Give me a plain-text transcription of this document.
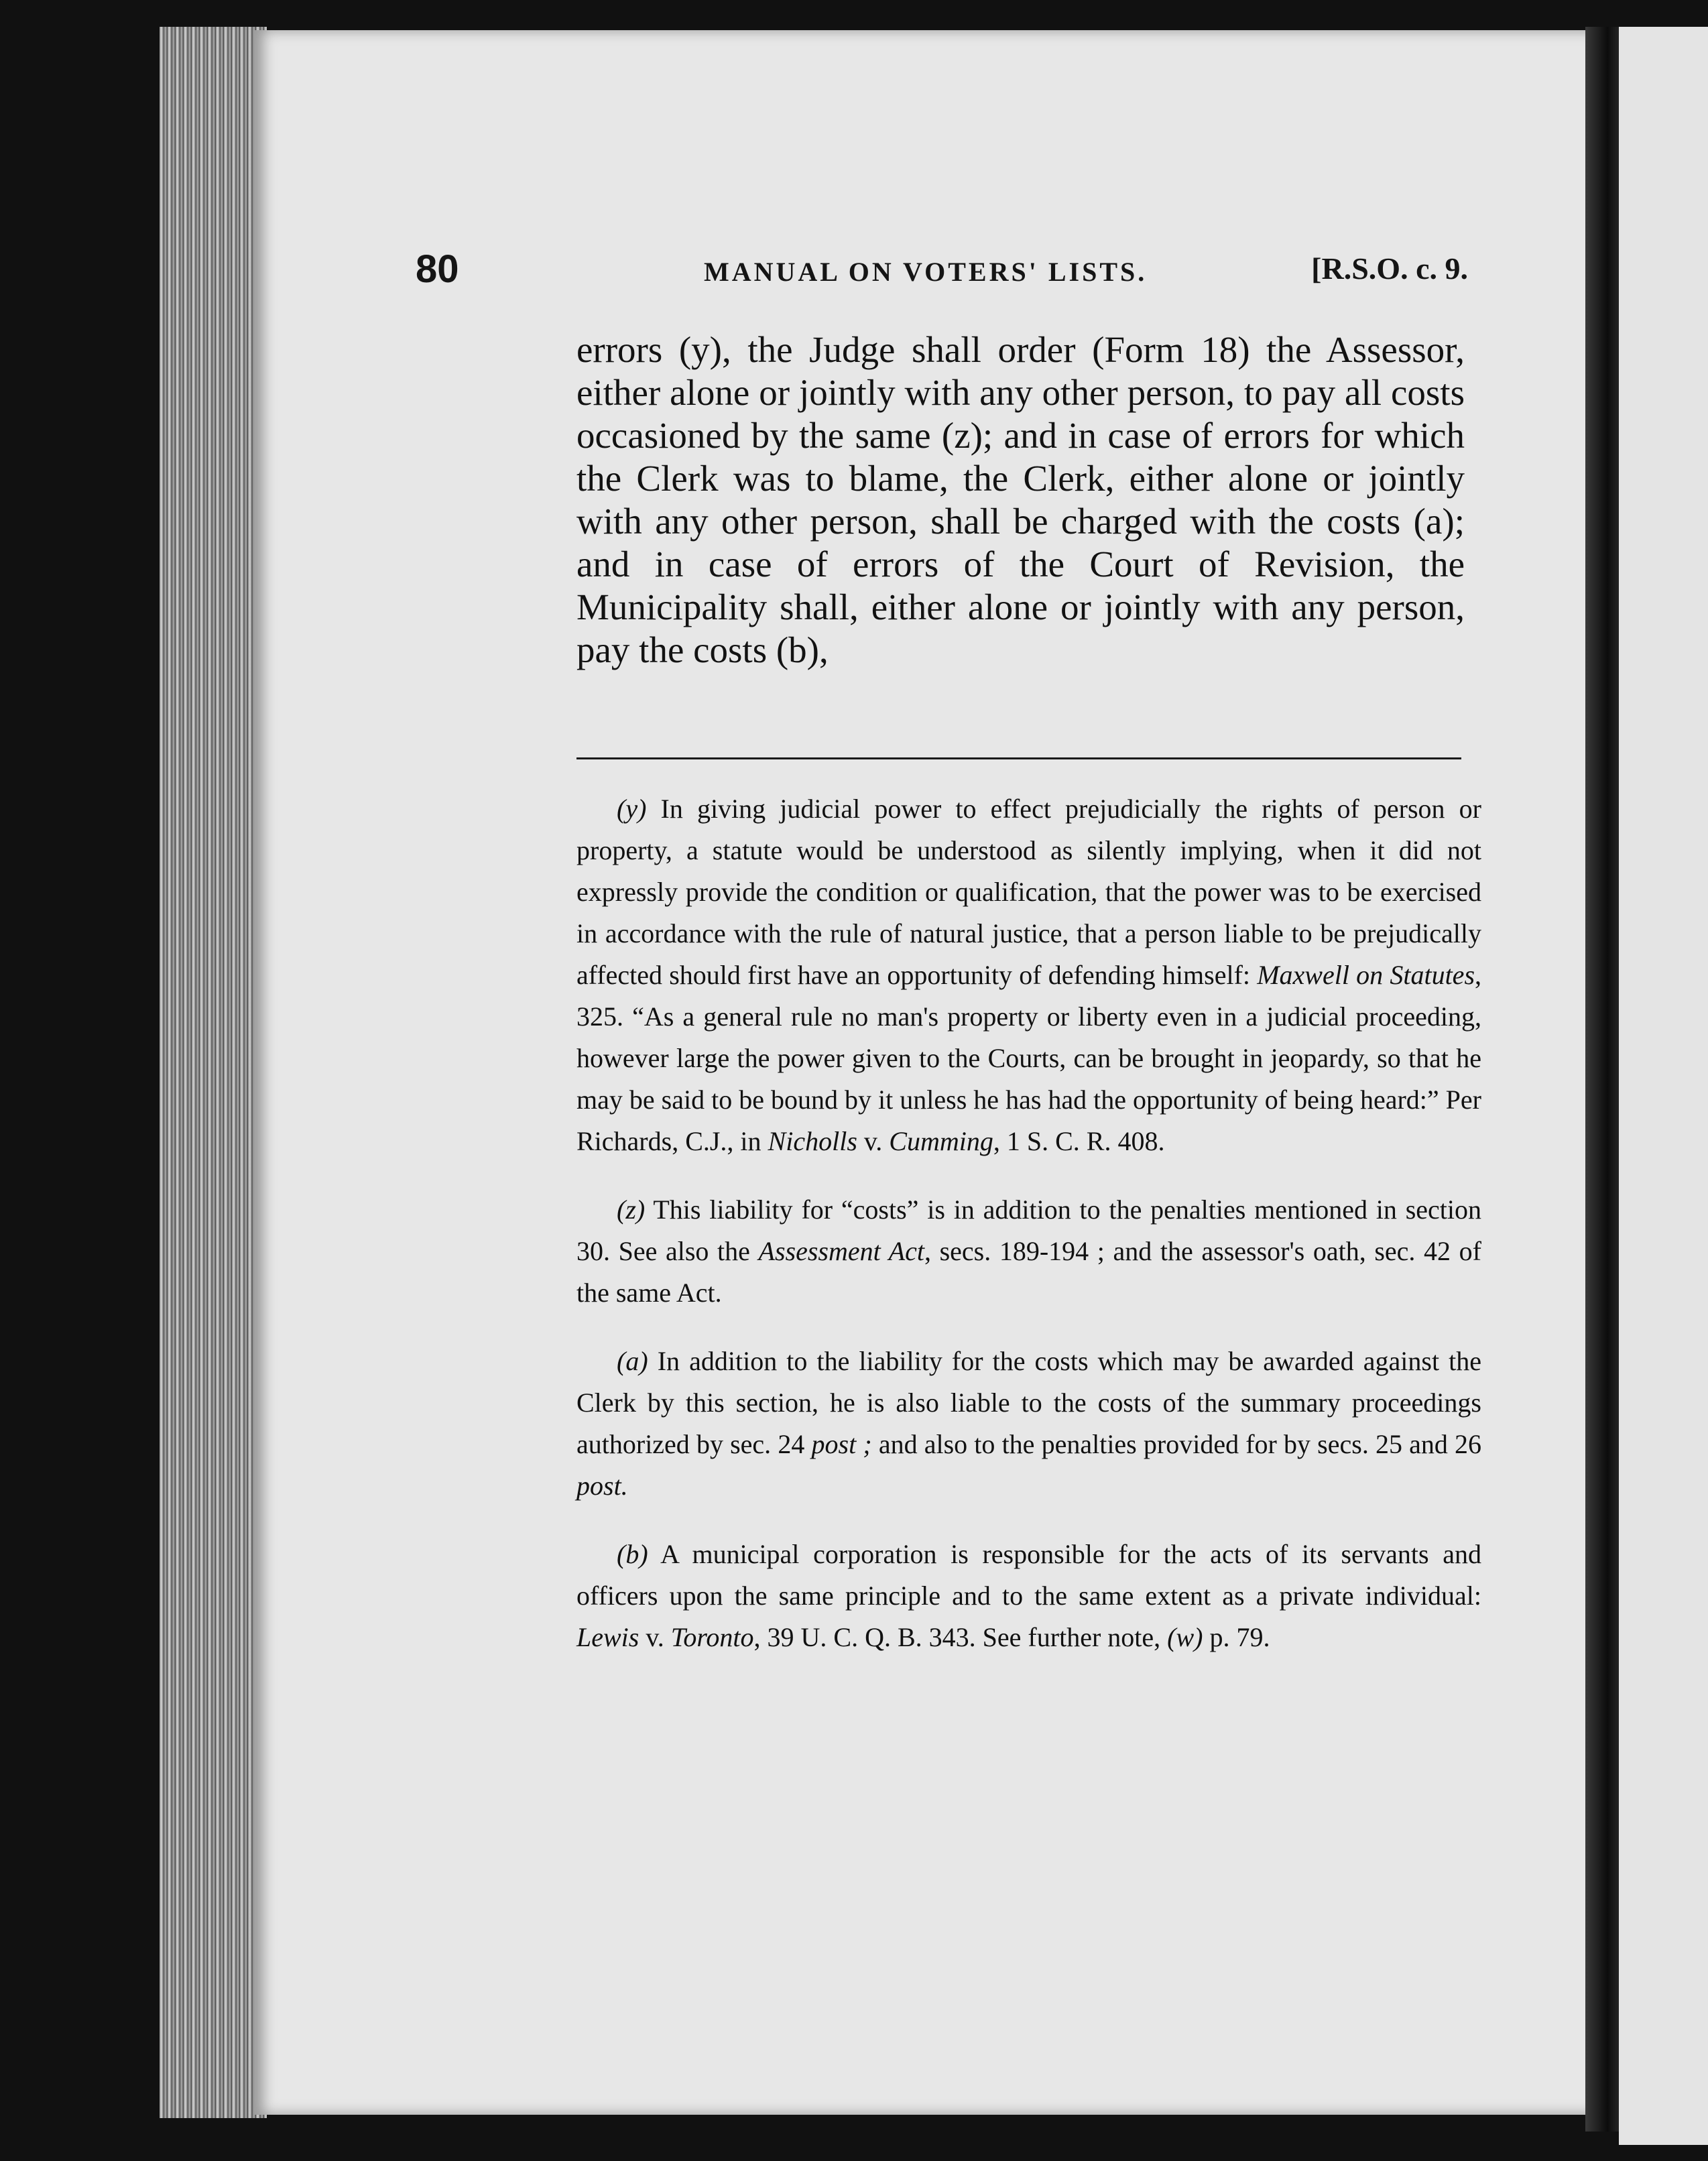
80	MANUAL ON VOTERS' LISTS.	[R.S.O. c. 9.

errors (y), the Judge shall order (Form 18) the Assessor, either alone or jointly with any other person, to pay all costs occasioned by the same (z); and in case of errors for which the Clerk was to blame, the Clerk, either alone or jointly with any other person, shall be charged with the costs (a); and in case of errors of the Court of Revision, the Municipality shall, either alone or jointly with any person, pay the costs (b),

(y) In giving judicial power to effect prejudicially the rights of person or property, a statute would be understood as silently implying, when it did not expressly provide the condition or qualification, that the power was to be exercised in accordance with the rule of natural justice, that a person liable to be prejudically affected should first have an opportunity of defending himself: Maxwell on Statutes, 325. “As a general rule no man's property or liberty even in a judicial proceeding, however large the power given to the Courts, can be brought in jeopardy, so that he may be said to be bound by it unless he has had the opportunity of being heard:” Per Richards, C.J., in Nicholls v. Cumming, 1 S. C. R. 408.

(z) This liability for “costs” is in addition to the penalties mentioned in section 30. See also the Assessment Act, secs. 189-194 ; and the assessor's oath, sec. 42 of the same Act.

(a) In addition to the liability for the costs which may be awarded against the Clerk by this section, he is also liable to the costs of the summary proceedings authorized by sec. 24 post ; and also to the penalties provided for by secs. 25 and 26 post.

(b) A municipal corporation is responsible for the acts of its servants and officers upon the same principle and to the same extent as a private individual: Lewis v. Toronto, 39 U. C. Q. B. 343. See further note, (w) p. 79.
